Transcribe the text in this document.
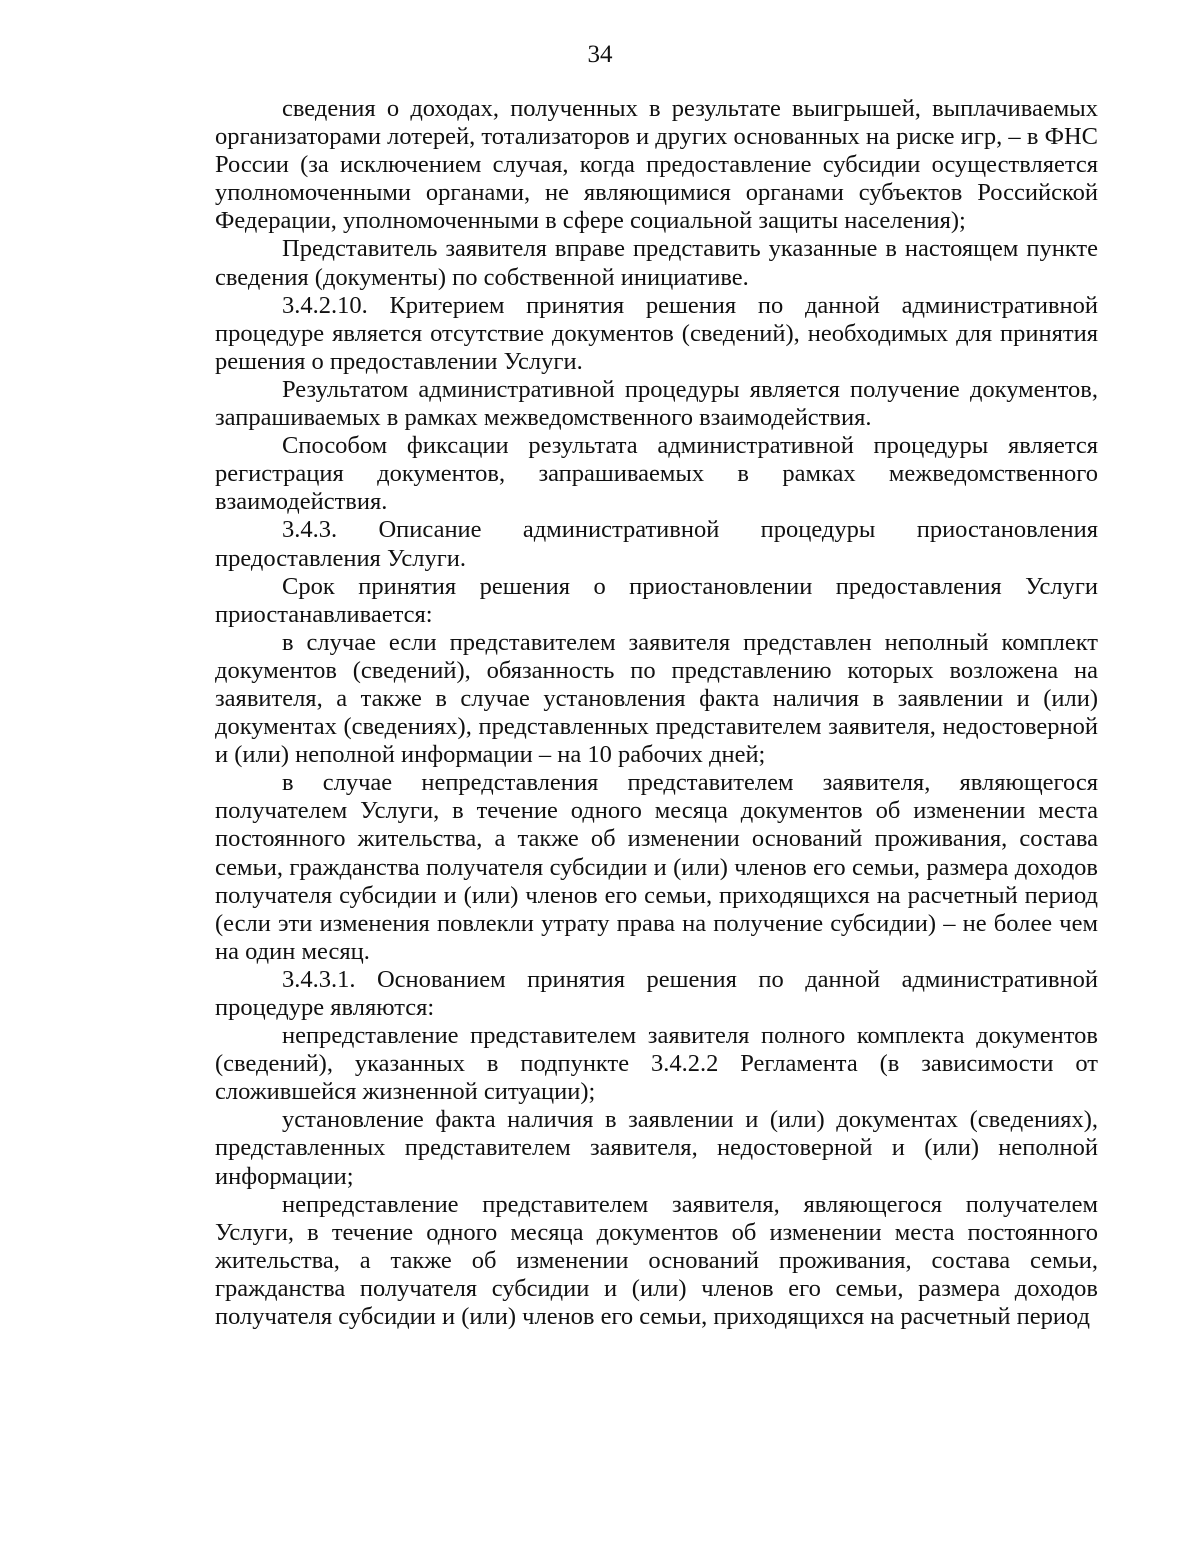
34

сведения о доходах, полученных в результате выигрышей, выплачиваемых организаторами лотерей, тотализаторов и других основанных на риске игр, – в ФНС России (за исключением случая, когда предоставление субсидии осуществляется уполномоченными органами, не являющимися органами субъектов Российской Федерации, уполномоченными в сфере социальной защиты населения);

Представитель заявителя вправе представить указанные в настоящем пункте сведения (документы) по собственной инициативе.

3.4.2.10. Критерием принятия решения по данной административной процедуре является отсутствие документов (сведений), необходимых для принятия решения о предоставлении Услуги.

Результатом административной процедуры является получение документов, запрашиваемых в рамках межведомственного взаимодействия.

Способом фиксации результата административной процедуры является регистрация документов, запрашиваемых в рамках межведомственного взаимодействия.

3.4.3. Описание административной процедуры приостановления предоставления Услуги.

Срок принятия решения о приостановлении предоставления Услуги приостанавливается:

в случае если представителем заявителя представлен неполный комплект документов (сведений), обязанность по представлению которых возложена на заявителя, а также в случае установления факта наличия в заявлении и (или) документах (сведениях), представленных представителем заявителя, недостоверной и (или) неполной информации – на 10 рабочих дней;

в случае непредставления представителем заявителя, являющегося получателем Услуги, в течение одного месяца документов об изменении места постоянного жительства, а также об изменении оснований проживания, состава семьи, гражданства получателя субсидии и (или) членов его семьи, размера доходов получателя субсидии и (или) членов его семьи, приходящихся на расчетный период (если эти изменения повлекли утрату права на получение субсидии) – не более чем на один месяц.

3.4.3.1. Основанием принятия решения по данной административной процедуре являются:

непредставление представителем заявителя полного комплекта документов (сведений), указанных в подпункте 3.4.2.2 Регламента (в зависимости от сложившейся жизненной ситуации);

установление факта наличия в заявлении и (или) документах (сведениях), представленных представителем заявителя, недостоверной и (или) неполной информации;

непредставление представителем заявителя, являющегося получателем Услуги, в течение одного месяца документов об изменении места постоянного жительства, а также об изменении оснований проживания, состава семьи, гражданства получателя субсидии и (или) членов его семьи, размера доходов получателя субсидии и (или) членов его семьи, приходящихся на расчетный период
